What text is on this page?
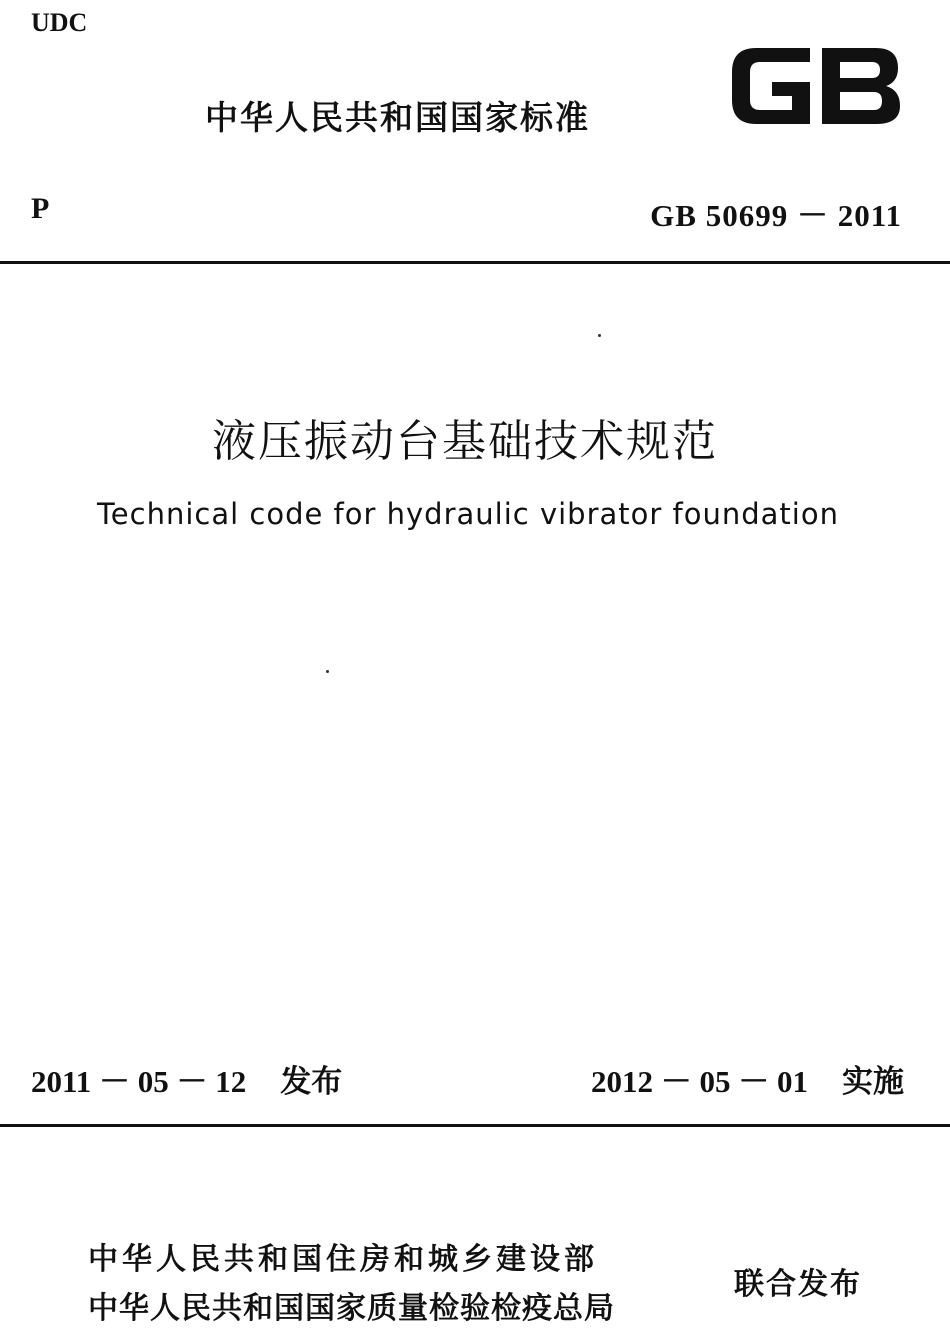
UDC
中华人民共和国国家标准
P	GB 50699 － 2011
液压振动台基础技术规范
Technical code for hydraulic vibrator foundation
2011 － 05 － 12 发布	2012 － 05 － 01 实施
中华人民共和国住房和城乡建设部
中华人民共和国国家质量检验检疫总局
联合发布
